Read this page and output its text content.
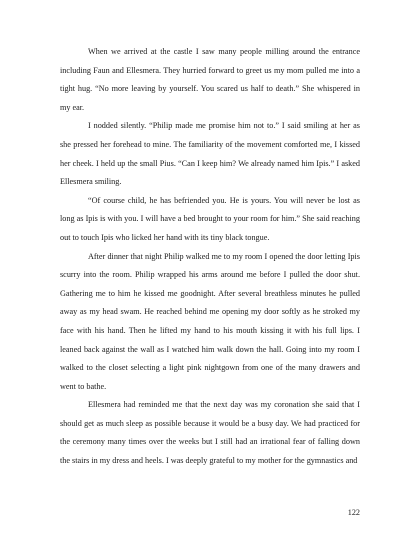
When we arrived at the castle I saw many people milling around the entrance including Faun and Ellesmera. They hurried forward to greet us my mom pulled me into a tight hug. “No more leaving by yourself. You scared us half to death.” She whispered in my ear.

I nodded silently. “Philip made me promise him not to.” I said smiling at her as she pressed her forehead to mine. The familiarity of the movement comforted me, I kissed her cheek. I held up the small Pius. “Can I keep him? We already named him Ipis.” I asked Ellesmera smiling.

“Of course child, he has befriended you. He is yours. You will never be lost as long as Ipis is with you. I will have a bed brought to your room for him.” She said reaching out to touch Ipis who licked her hand with its tiny black tongue.

After dinner that night Philip walked me to my room I opened the door letting Ipis scurry into the room. Philip wrapped his arms around me before I pulled the door shut. Gathering me to him he kissed me goodnight. After several breathless minutes he pulled away as my head swam. He reached behind me opening my door softly as he stroked my face with his hand. Then he lifted my hand to his mouth kissing it with his full lips. I leaned back against the wall as I watched him walk down the hall. Going into my room I walked to the closet selecting a light pink nightgown from one of the many drawers and went to bathe.

Ellesmera had reminded me that the next day was my coronation she said that I should get as much sleep as possible because it would be a busy day. We had practiced for the ceremony many times over the weeks but I still had an irrational fear of falling down the stairs in my dress and heels. I was deeply grateful to my mother for the gymnastics and

122
